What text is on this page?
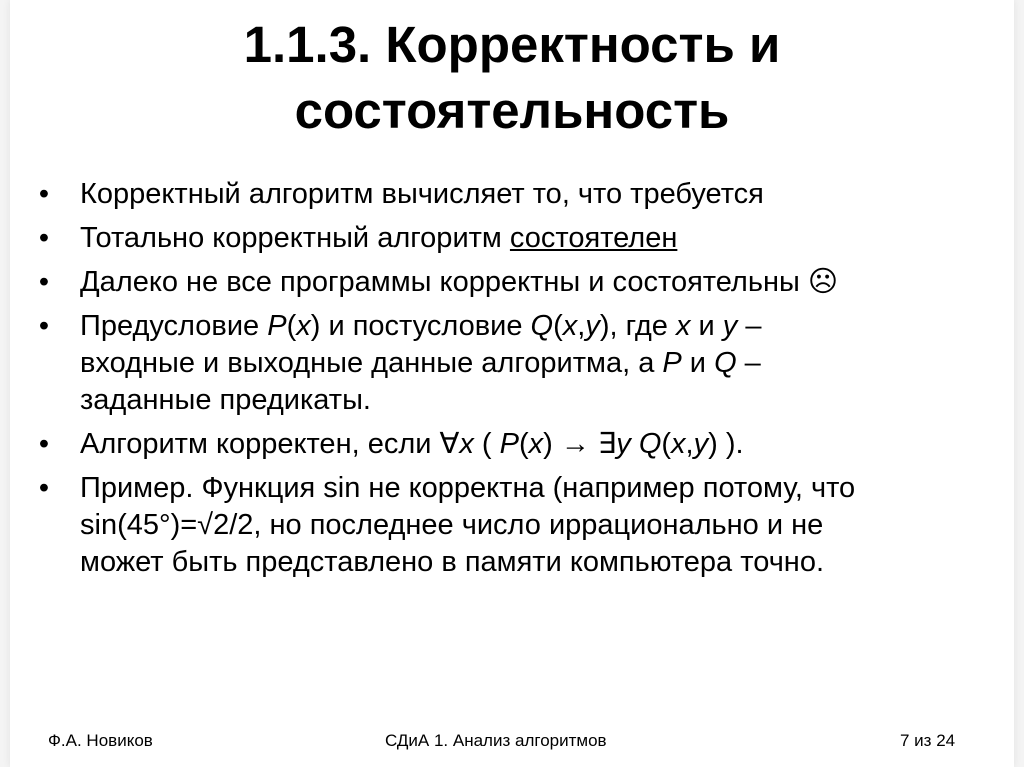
1.1.3. Корректность и
состоятельность
• Корректный алгоритм вычисляет то, что требуется
• Тотально корректный алгоритм состоятелен
• Далеко не все программы корректны и состоятельны ☹
• Предусловие P(x) и постусловие Q(x,y), где x и y –
входные и выходные данные алгоритма, а P и Q –
заданные предикаты.
• Алгоритм корректен, если ∀x ( P(x) → ∃y Q(x,y) ).
• Пример. Функция sin не корректна (например потому, что
sin(45°)=√2/2, но последнее число иррационально и не
может быть представлено в памяти компьютера точно.
Ф.А. Новиков	СДиА 1. Анализ алгоритмов	7 из 24
